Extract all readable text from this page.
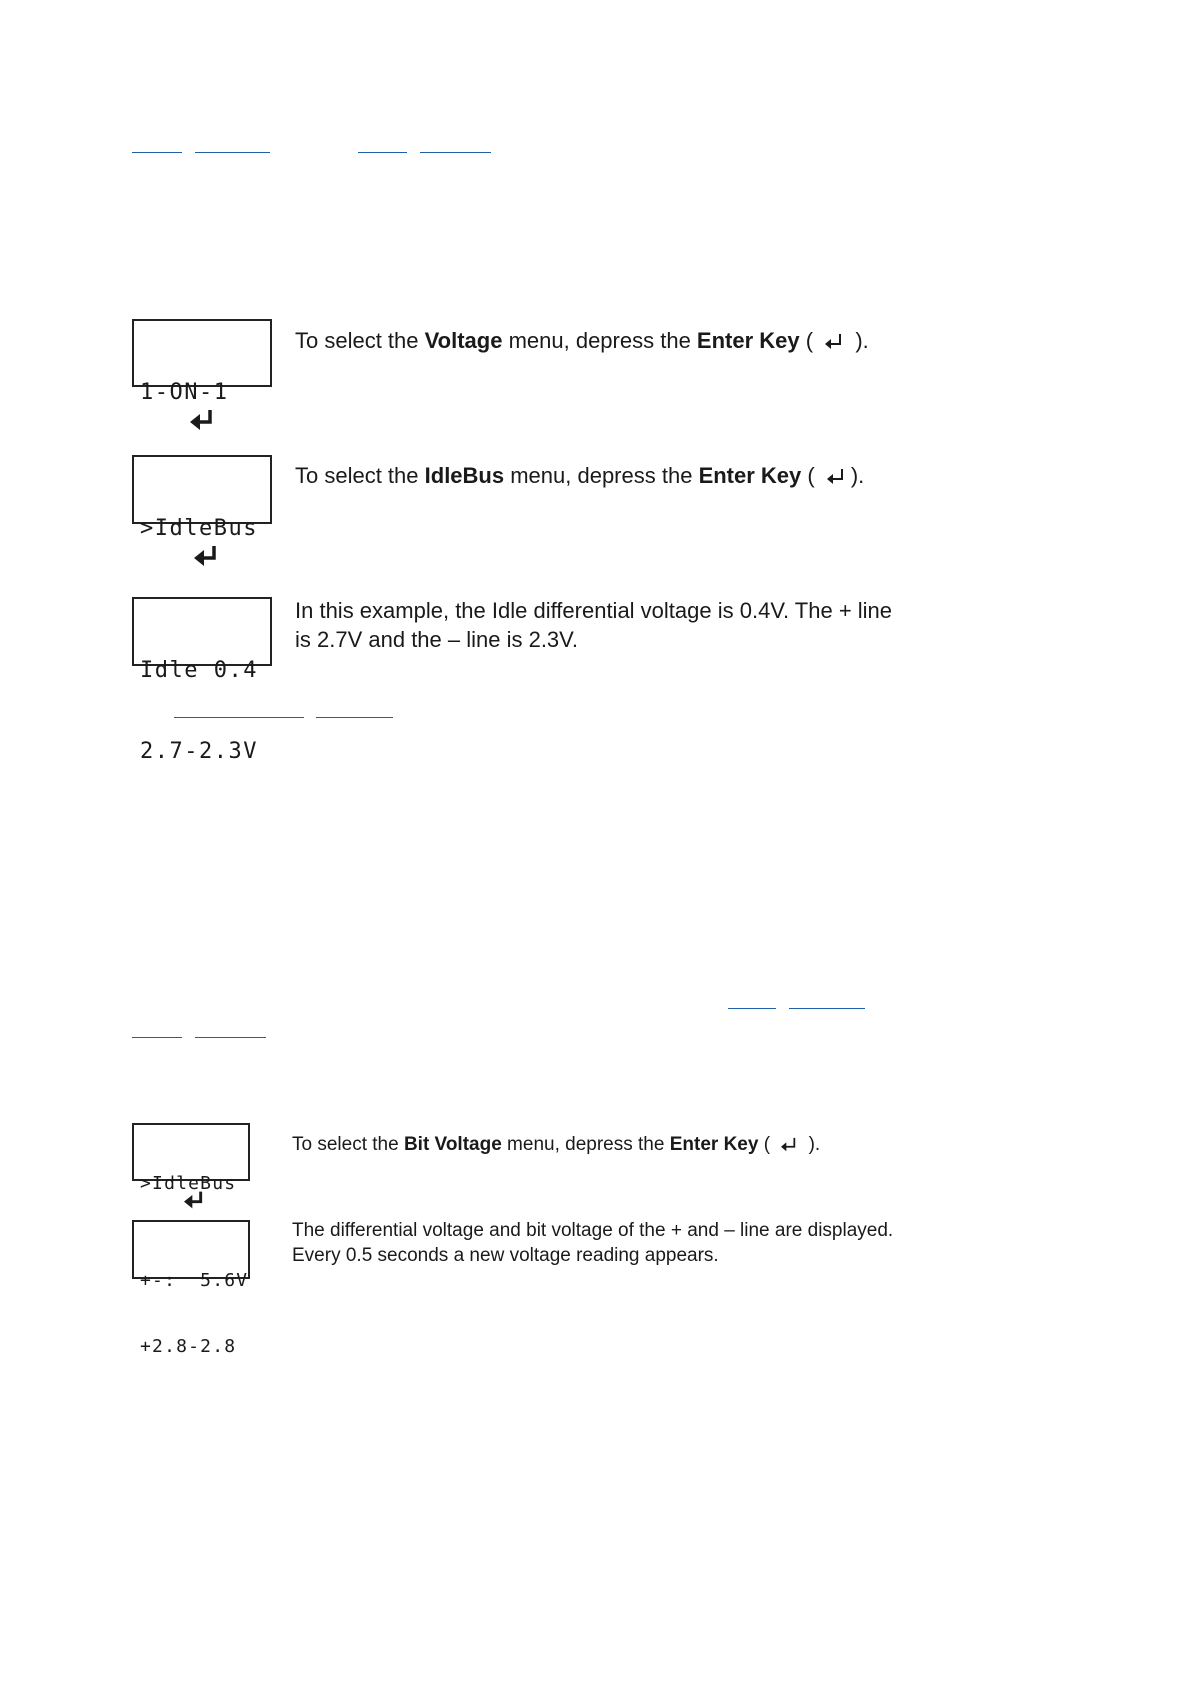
1-ON-1

To select the Voltage menu, depress the Enter Key (  ).

>IdleBus

To select the IdleBus menu, depress the Enter Key ( ).

Idle 0.4

2.7-2.3V

In this example, the Idle differential voltage is 0.4V. The + line
is 2.7V and the – line is 2.3V.

>IdleBus

To select the Bit Voltage menu, depress the Enter Key (  ).

+-:  5.6V

+2.8-2.8

The differential voltage and bit voltage of the + and – line are displayed.
Every 0.5 seconds a new voltage reading appears.
